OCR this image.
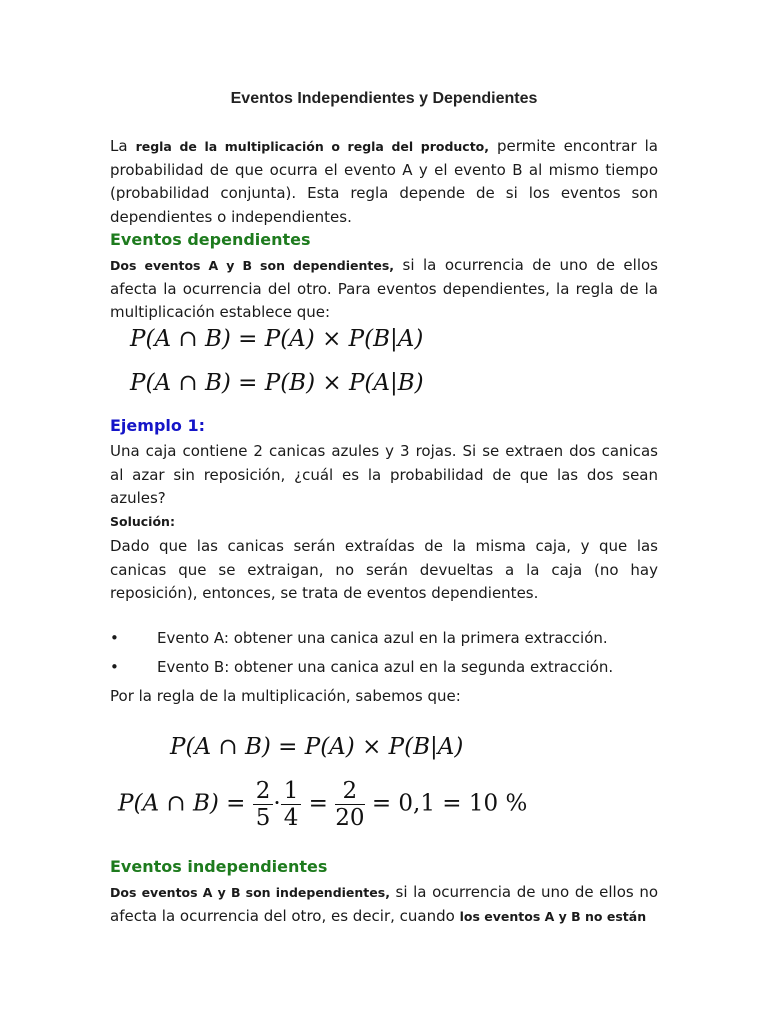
Eventos Independientes y Dependientes
La regla de la multiplicación o regla del producto, permite encontrar la probabilidad de que ocurra el evento A y el evento B al mismo tiempo (probabilidad conjunta). Esta regla depende de si los eventos son dependientes o independientes.
Eventos dependientes
Dos eventos A y B son dependientes, si la ocurrencia de uno de ellos afecta la ocurrencia del otro. Para eventos dependientes, la regla de la multiplicación establece que:
P(A ∩ B) = P(A) × P(B|A)
P(A ∩ B) = P(B) × P(A|B)
Ejemplo 1:
Una caja contiene 2 canicas azules y 3 rojas. Si se extraen dos canicas al azar sin reposición, ¿cuál es la probabilidad de que las dos sean azules?
Solución:
Dado que las canicas serán extraídas de la misma caja, y que las canicas que se extraigan, no serán devueltas a la caja (no hay reposición), entonces, se trata de eventos dependientes.
•	Evento A: obtener una canica azul en la primera extracción.
•	Evento B: obtener una canica azul en la segunda extracción.
Por la regla de la multiplicación, sabemos que:
P(A ∩ B) = P(A) × P(B|A)
P(A ∩ $B) = \frac{2}{5} \cdot \frac{1}{4} = \frac{2}{20} = 0,1 = 10$ %
Eventos independientes
Dos eventos A y B son independientes, si la ocurrencia de uno de ellos no afecta la ocurrencia del otro, es decir, cuando los eventos A y B no están
